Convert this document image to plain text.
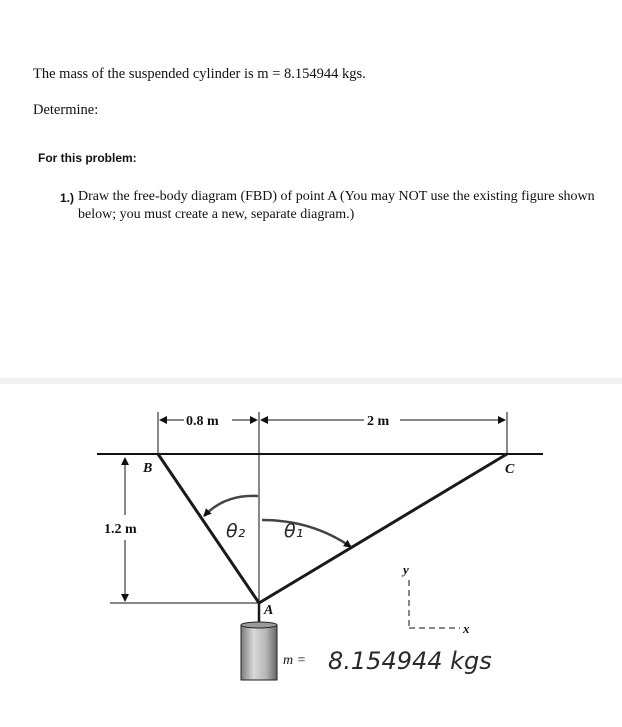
The mass of the suspended cylinder is m = 8.154944 kgs.
Determine:
For this problem:
1.) Draw the free-body diagram (FBD) of point A (You may NOT use the existing figure shown
below; you must create a new, separate diagram.)
0.8 m	2 m
1.2 m
B	C
A
θ₂ θ₁
y
x
m = 8.154944 kgs
